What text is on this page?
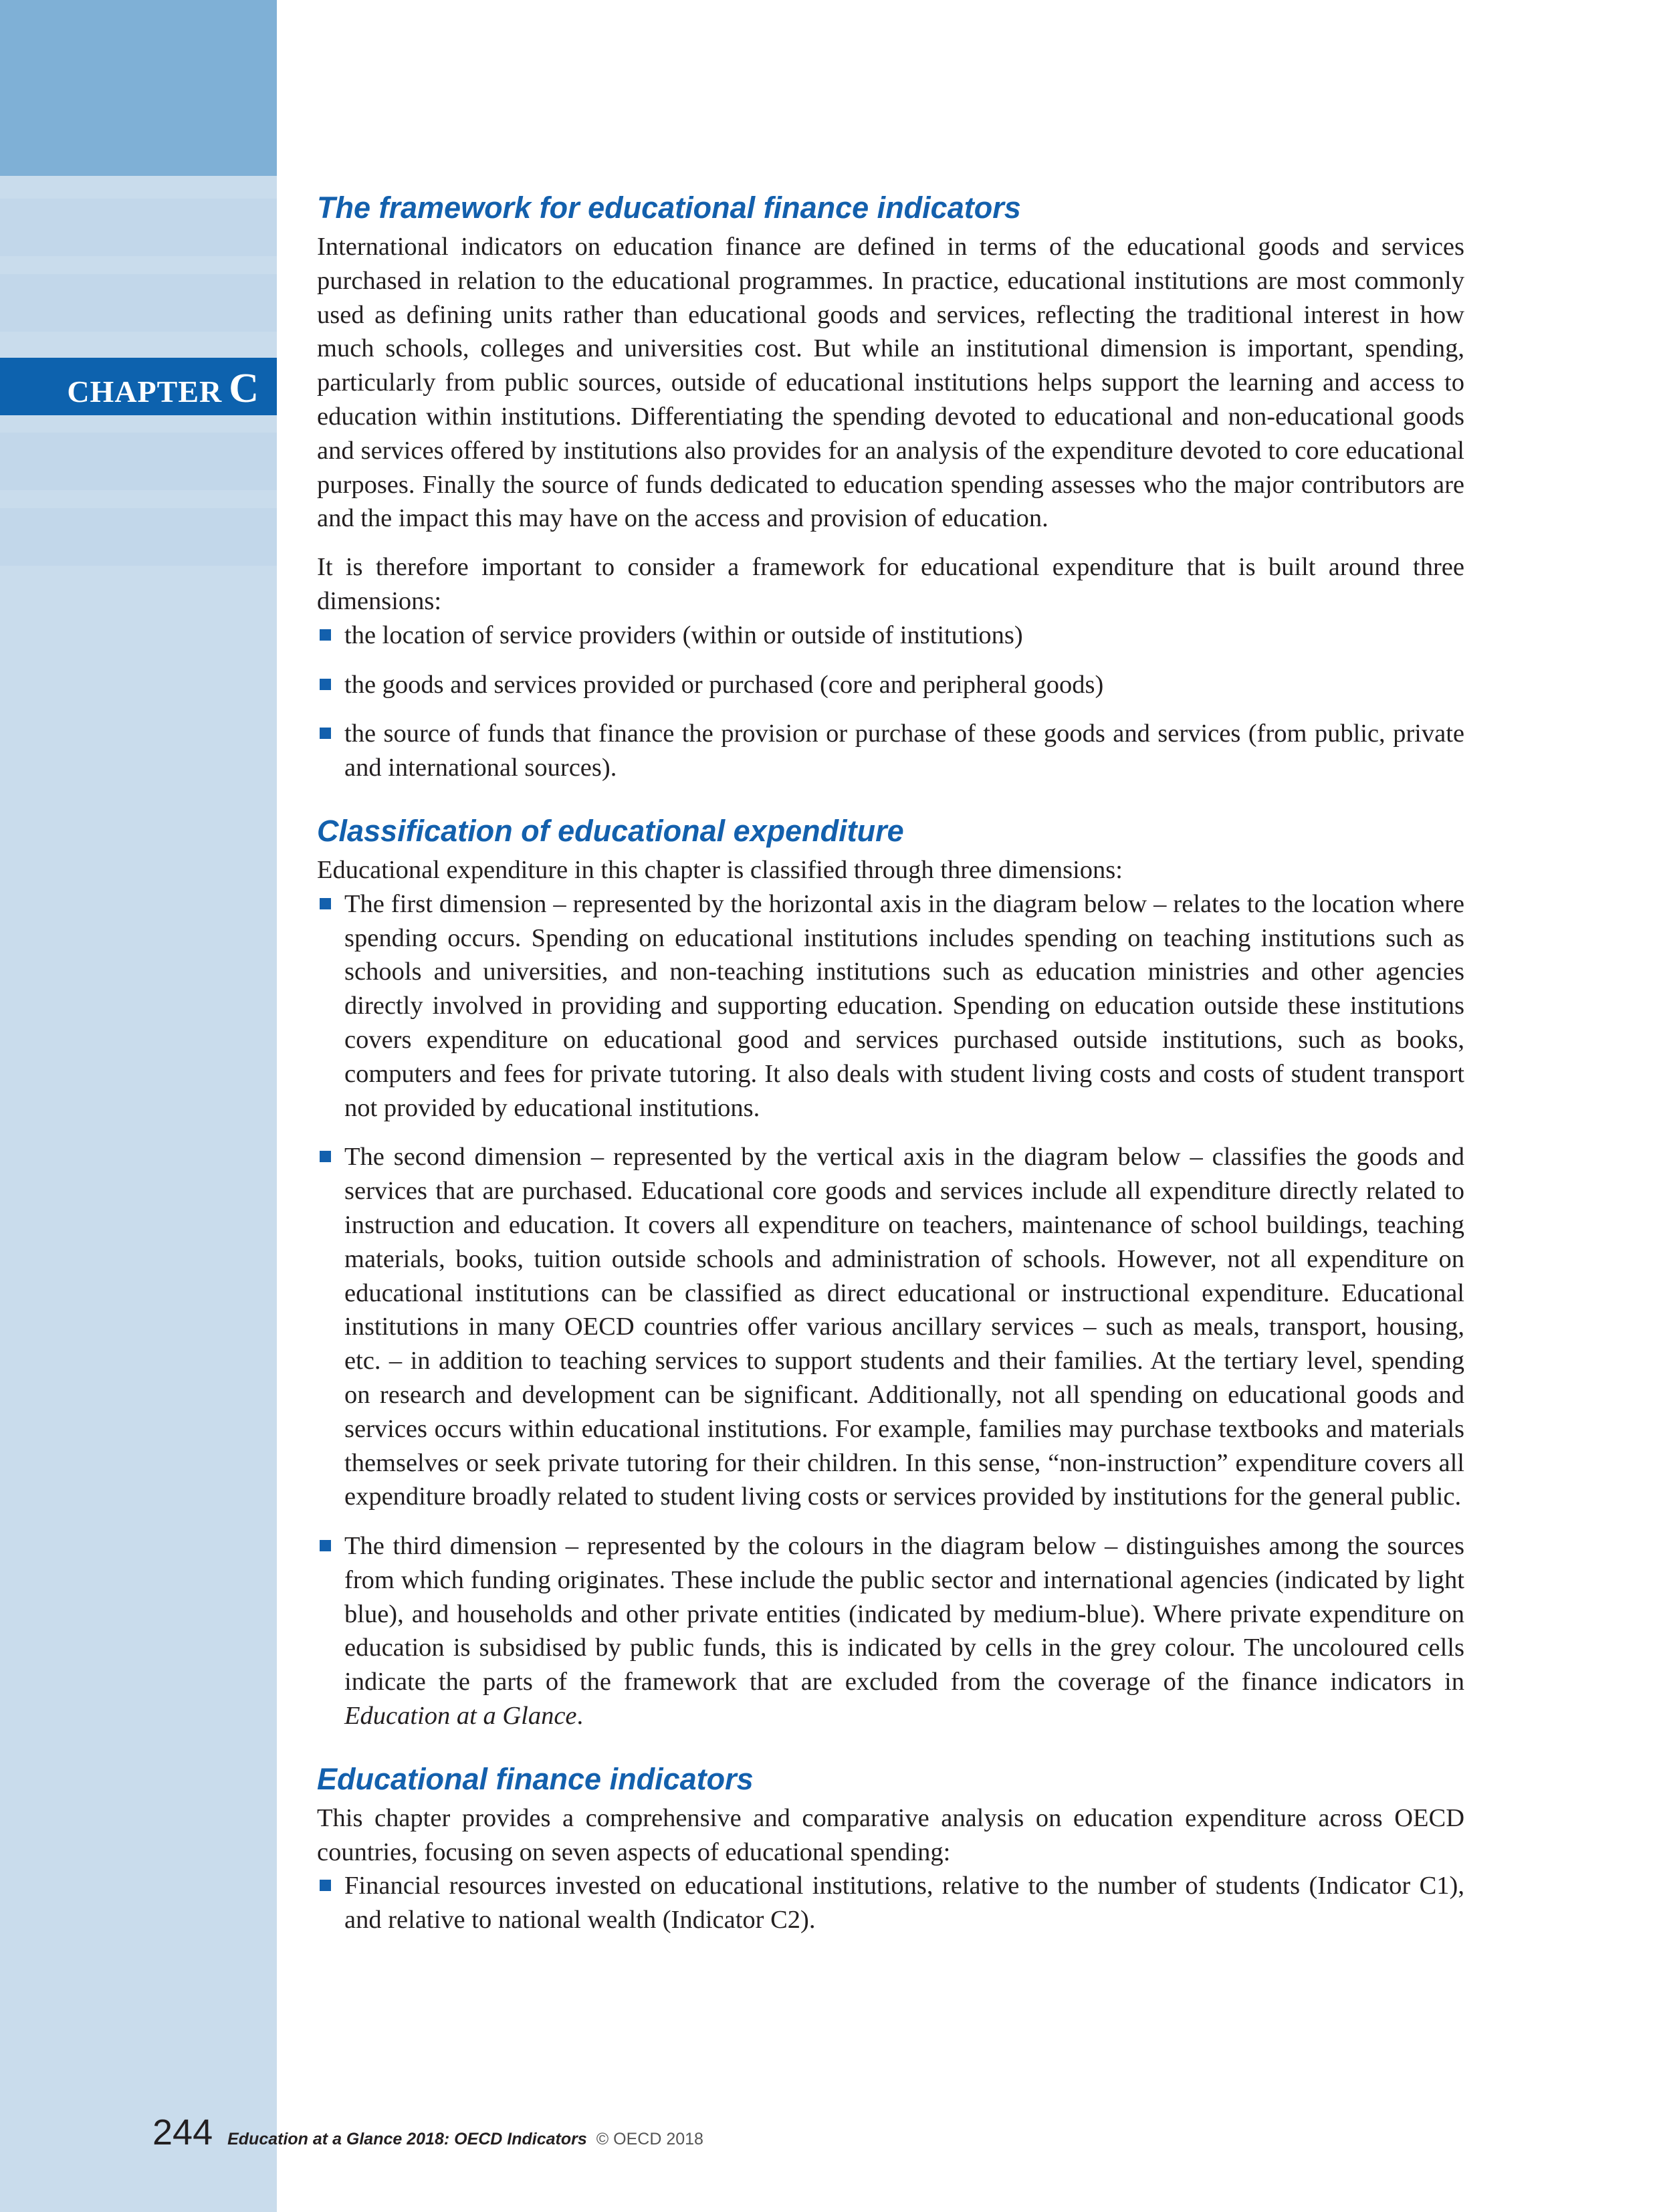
CHAPTER C
The framework for educational finance indicators

International indicators on education finance are defined in terms of the educational goods and services purchased in relation to the educational programmes. In practice, educational institutions are most commonly used as defining units rather than educational goods and services, reflecting the traditional interest in how much schools, colleges and universities cost. But while an institutional dimension is important, spending, particularly from public sources, outside of educational institutions helps support the learning and access to education within institutions. Differentiating the spending devoted to educational and non-educational goods and services offered by institutions also provides for an analysis of the expenditure devoted to core educational purposes. Finally the source of funds dedicated to education spending assesses who the major contributors are and the impact this may have on the access and provision of education.

It is therefore important to consider a framework for educational expenditure that is built around three dimensions:

the location of service providers (within or outside of institutions)
the goods and services provided or purchased (core and peripheral goods)
the source of funds that finance the provision or purchase of these goods and services (from public, private and international sources).
Classification of educational expenditure

Educational expenditure in this chapter is classified through three dimensions:

The first dimension – represented by the horizontal axis in the diagram below – relates to the location where spending occurs. Spending on educational institutions includes spending on teaching institutions such as schools and universities, and non-teaching institutions such as education ministries and other agencies directly involved in providing and supporting education. Spending on education outside these institutions covers expenditure on educational good and services purchased outside institutions, such as books, computers and fees for private tutoring. It also deals with student living costs and costs of student transport not provided by educational institutions.
The second dimension – represented by the vertical axis in the diagram below – classifies the goods and services that are purchased. Educational core goods and services include all expenditure directly related to instruction and education. It covers all expenditure on teachers, maintenance of school buildings, teaching materials, books, tuition outside schools and administration of schools. However, not all expenditure on educational institutions can be classified as direct educational or instructional expenditure. Educational institutions in many OECD countries offer various ancillary services – such as meals, transport, housing, etc. – in addition to teaching services to support students and their families. At the tertiary level, spending on research and development can be significant. Additionally, not all spending on educational goods and services occurs within educational institutions. For example, families may purchase textbooks and materials themselves or seek private tutoring for their children. In this sense, “non-instruction” expenditure covers all expenditure broadly related to student living costs or services provided by institutions for the general public.
The third dimension – represented by the colours in the diagram below – distinguishes among the sources from which funding originates. These include the public sector and international agencies (indicated by light blue), and households and other private entities (indicated by medium-blue). Where private expenditure on education is subsidised by public funds, this is indicated by cells in the grey colour. The uncoloured cells indicate the parts of the framework that are excluded from the coverage of the finance indicators in Education at a Glance.
Educational finance indicators

This chapter provides a comprehensive and comparative analysis on education expenditure across OECD countries, focusing on seven aspects of educational spending:

Financial resources invested on educational institutions, relative to the number of students (Indicator C1), and relative to national wealth (Indicator C2).
244 Education at a Glance 2018: OECD Indicators © OECD 2018
